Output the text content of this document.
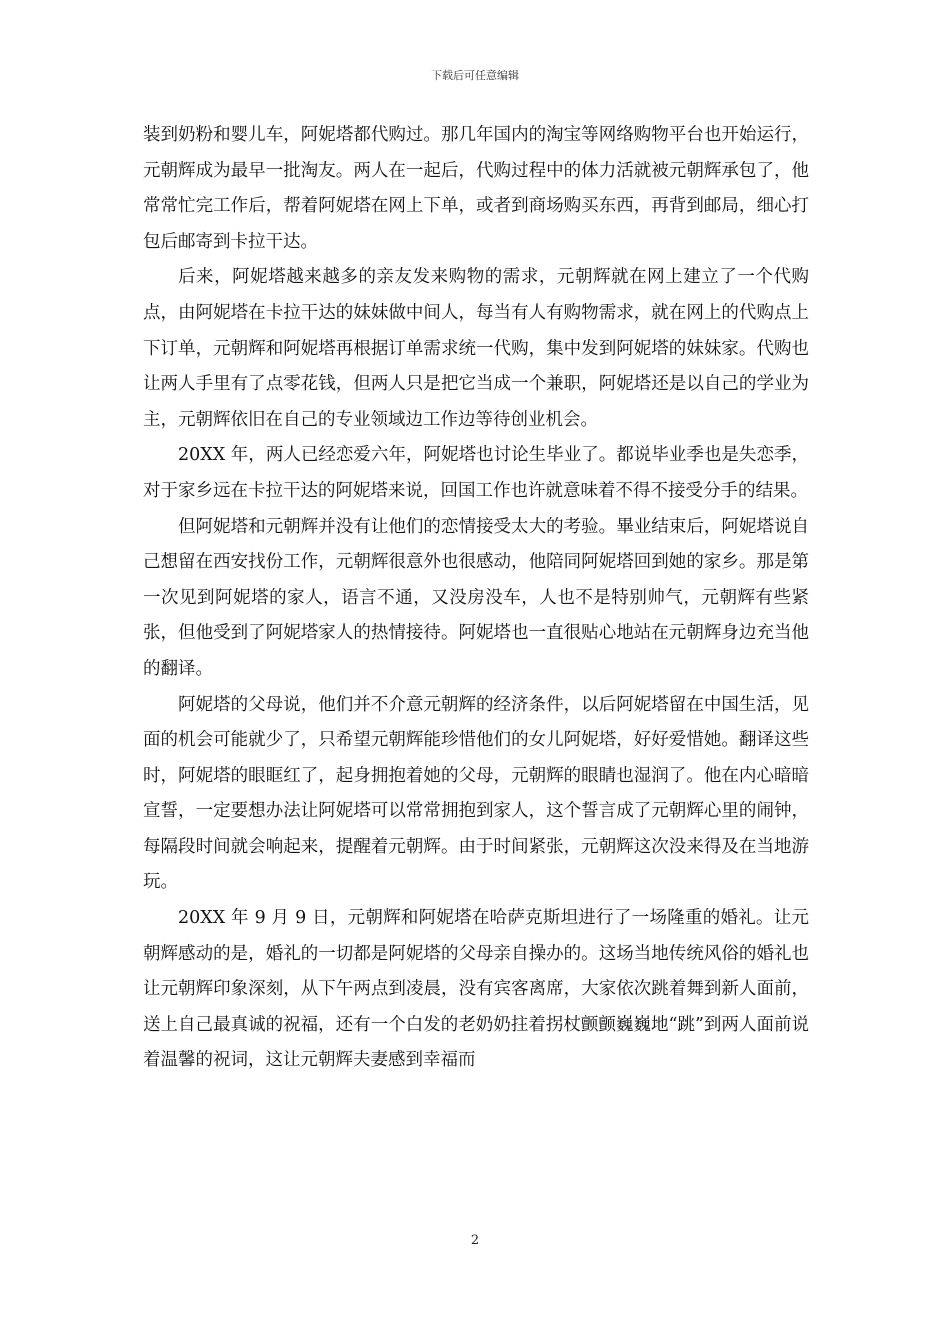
下载后可任意编辑

装到奶粉和婴儿车，阿妮塔都代购过。那几年国内的淘宝等网络购物平台也开始运行，元朝辉成为最早一批淘友。两人在一起后，代购过程中的体力活就被元朝辉承包了，他常常忙完工作后，帮着阿妮塔在网上下单，或者到商场购买东西，再背到邮局，细心打包后邮寄到卡拉干达。

后来，阿妮塔越来越多的亲友发来购物的需求，元朝辉就在网上建立了一个代购点，由阿妮塔在卡拉干达的妹妹做中间人，每当有人有购物需求，就在网上的代购点上下订单，元朝辉和阿妮塔再根据订单需求统一代购，集中发到阿妮塔的妹妹家。代购也让两人手里有了点零花钱，但两人只是把它当成一个兼职，阿妮塔还是以自己的学业为主，元朝辉依旧在自己的专业领域边工作边等待创业机会。

20XX 年，两人已经恋爱六年，阿妮塔也讨论生毕业了。都说毕业季也是失恋季，对于家乡远在卡拉干达的阿妮塔来说，回国工作也许就意味着不得不接受分手的结果。

但阿妮塔和元朝辉并没有让他们的恋情接受太大的考验。畢业结束后，阿妮塔说自己想留在西安找份工作，元朝辉很意外也很感动，他陪同阿妮塔回到她的家乡。那是第一次见到阿妮塔的家人，语言不通，又没房没车，人也不是特别帅气，元朝辉有些紧张，但他受到了阿妮塔家人的热情接待。阿妮塔也一直很贴心地站在元朝辉身边充当他的翻译。

阿妮塔的父母说，他们并不介意元朝辉的经济条件，以后阿妮塔留在中国生活，见面的机会可能就少了，只希望元朝辉能珍惜他们的女儿阿妮塔，好好爱惜她。翻译这些时，阿妮塔的眼眶红了，起身拥抱着她的父母，元朝辉的眼睛也湿润了。他在内心暗暗宣誓，一定要想办法让阿妮塔可以常常拥抱到家人，这个誓言成了元朝辉心里的闹钟，每隔段时间就会响起来，提醒着元朝辉。由于时间紧张，元朝辉这次没来得及在当地游玩。

20XX 年 9 月 9 日，元朝辉和阿妮塔在哈萨克斯坦进行了一场隆重的婚礼。让元朝辉感动的是，婚礼的一切都是阿妮塔的父母亲自操办的。这场当地传统风俗的婚礼也让元朝辉印象深刻，从下午两点到凌晨，没有宾客离席，大家依次跳着舞到新人面前，送上自己最真诚的祝福，还有一个白发的老奶奶拄着拐杖颤颤巍巍地“跳”到两人面前说着温馨的祝词，这让元朝辉夫妻感到幸福而

2
